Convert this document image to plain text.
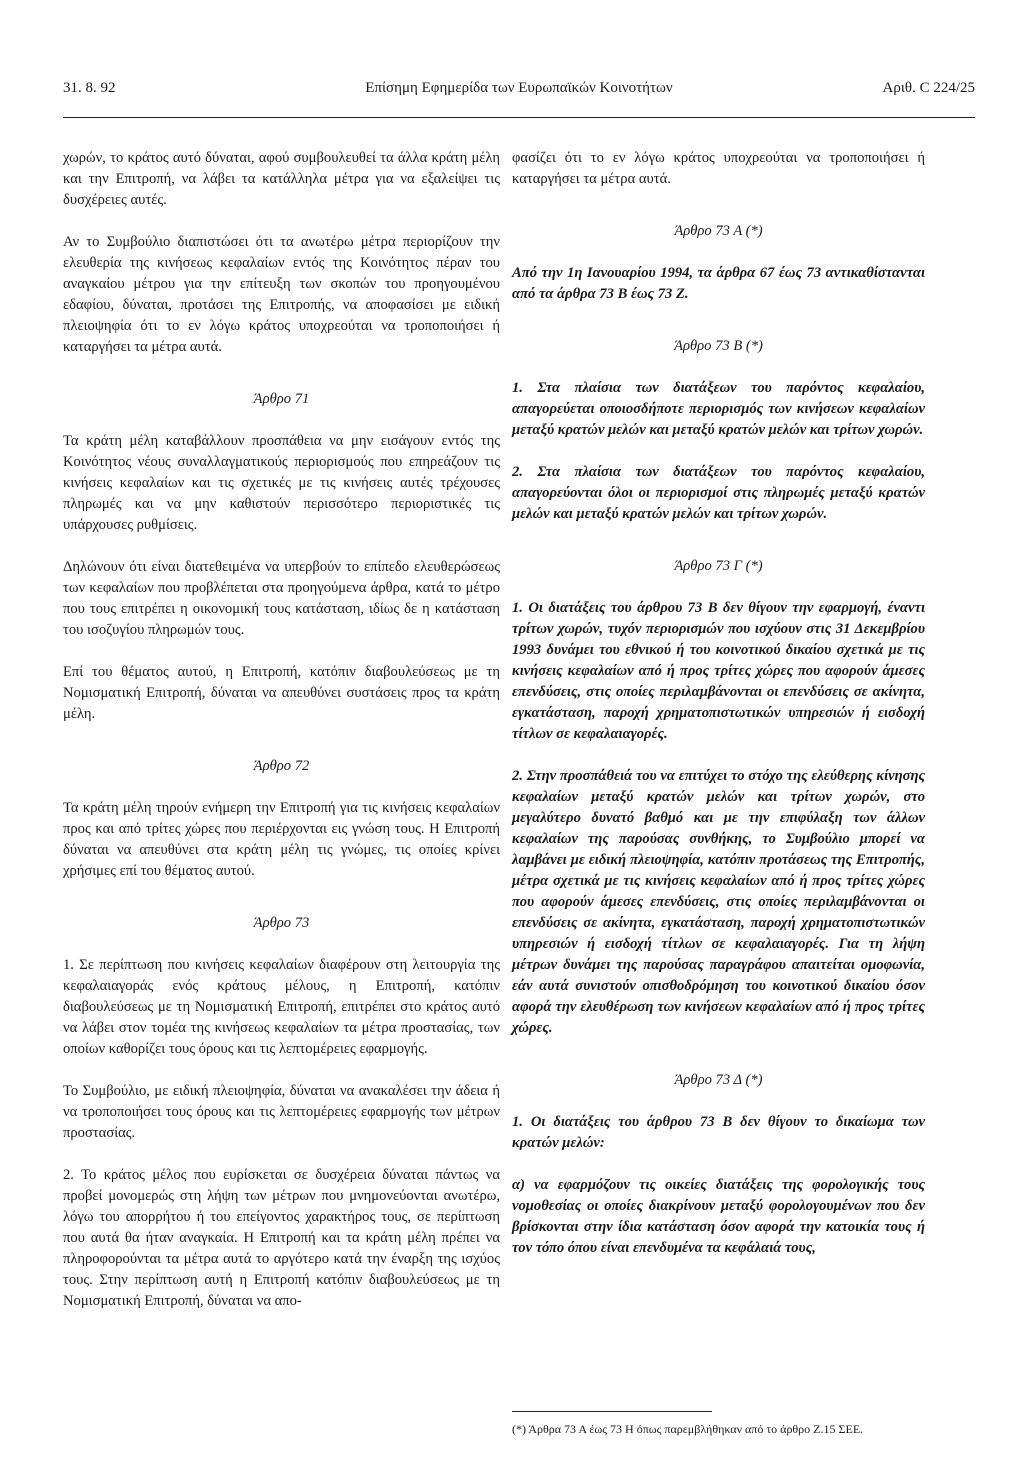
31. 8. 92	Επίσημη Εφημερίδα των Ευρωπαϊκών Κοινοτήτων	Αριθ. C 224/25

χωρών, το κράτος αυτό δύναται, αφού συμβουλευθεί τα άλλα κράτη μέλη και την Επιτροπή, να λάβει τα κατάλληλα μέτρα για να εξαλείψει τις δυσχέρειες αυτές.

Αν το Συμβούλιο διαπιστώσει ότι τα ανωτέρω μέτρα περιορίζουν την ελευθερία της κινήσεως κεφαλαίων εντός της Κοινότητος πέραν του αναγκαίου μέτρου για την επίτευξη των σκοπών του προηγουμένου εδαφίου, δύναται, προτάσει της Επιτροπής, να αποφασίσει με ειδική πλειοψηφία ότι το εν λόγω κράτος υποχρεούται να τροποποιήσει ή καταργήσει τα μέτρα αυτά.

Άρθρο 71

Τα κράτη μέλη καταβάλλουν προσπάθεια να μην εισάγουν εντός της Κοινότητος νέους συναλλαγματικούς περιορισμούς που επηρεάζουν τις κινήσεις κεφαλαίων και τις σχετικές με τις κινήσεις αυτές τρέχουσες πληρωμές και να μην καθιστούν περισσότερο περιοριστικές τις υπάρχουσες ρυθμίσεις.

Δηλώνουν ότι είναι διατεθειμένα να υπερβούν το επίπεδο ελευθερώσεως των κεφαλαίων που προβλέπεται στα προηγούμενα άρθρα, κατά το μέτρο που τους επιτρέπει η οικονομική τους κατάσταση, ιδίως δε η κατάσταση του ισοζυγίου πληρωμών τους.

Επί του θέματος αυτού, η Επιτροπή, κατόπιν διαβουλεύσεως με τη Νομισματική Επιτροπή, δύναται να απευθύνει συστάσεις προς τα κράτη μέλη.

Άρθρο 72

Τα κράτη μέλη τηρούν ενήμερη την Επιτροπή για τις κινήσεις κεφαλαίων προς και από τρίτες χώρες που περιέρχονται εις γνώση τους. Η Επιτροπή δύναται να απευθύνει στα κράτη μέλη τις γνώμες, τις οποίες κρίνει χρήσιμες επί του θέματος αυτού.

Άρθρο 73

1. Σε περίπτωση που κινήσεις κεφαλαίων διαφέρουν στη λειτουργία της κεφαλαιαγοράς ενός κράτους μέλους, η Επιτροπή, κατόπιν διαβουλεύσεως με τη Νομισματική Επιτροπή, επιτρέπει στο κράτος αυτό να λάβει στον τομέα της κινήσεως κεφαλαίων τα μέτρα προστασίας, των οποίων καθορίζει τους όρους και τις λεπτομέρειες εφαρμογής.

Το Συμβούλιο, με ειδική πλειοψηφία, δύναται να ανακαλέσει την άδεια ή να τροποποιήσει τους όρους και τις λεπτομέρειες εφαρμογής των μέτρων προστασίας.

2. Το κράτος μέλος που ευρίσκεται σε δυσχέρεια δύναται πάντως να προβεί μονομερώς στη λήψη των μέτρων που μνημονεύονται ανωτέρω, λόγω του απορρήτου ή του επείγοντος χαρακτήρος τους, σε περίπτωση που αυτά θα ήταν αναγκαία. Η Επιτροπή και τα κράτη μέλη πρέπει να πληροφορούνται τα μέτρα αυτά το αργότερο κατά την έναρξη της ισχύος τους. Στην περίπτωση αυτή η Επιτροπή κατόπιν διαβουλεύσεως με τη Νομισματική Επιτροπή, δύναται να απο-

φασίζει ότι το εν λόγω κράτος υποχρεούται να τροποποιήσει ή καταργήσει τα μέτρα αυτά.

Άρθρο 73 Α (*)

Από την 1η Ιανουαρίου 1994, τα άρθρα 67 έως 73 αντικαθίστανται από τα άρθρα 73 Β έως 73 Ζ.

Άρθρο 73 Β (*)

1. Στα πλαίσια των διατάξεων του παρόντος κεφαλαίου, απαγορεύεται οποιοσδήποτε περιορισμός των κινήσεων κεφαλαίων μεταξύ κρατών μελών και μεταξύ κρατών μελών και τρίτων χωρών.

2. Στα πλαίσια των διατάξεων του παρόντος κεφαλαίου, απαγορεύονται όλοι οι περιορισμοί στις πληρωμές μεταξύ κρατών μελών και μεταξύ κρατών μελών και τρίτων χωρών.

Άρθρο 73 Γ (*)

1. Οι διατάξεις του άρθρου 73 Β δεν θίγουν την εφαρμογή, έναντι τρίτων χωρών, τυχόν περιορισμών που ισχύουν στις 31 Δεκεμβρίου 1993 δυνάμει του εθνικού ή του κοινοτικού δικαίου σχετικά με τις κινήσεις κεφαλαίων από ή προς τρίτες χώρες που αφορούν άμεσες επενδύσεις, στις οποίες περιλαμβάνονται οι επενδύσεις σε ακίνητα, εγκατάσταση, παροχή χρηματοπιστωτικών υπηρεσιών ή εισδοχή τίτλων σε κεφαλαιαγορές.

2. Στην προσπάθειά του να επιτύχει το στόχο της ελεύθερης κίνησης κεφαλαίων μεταξύ κρατών μελών και τρίτων χωρών, στο μεγαλύτερο δυνατό βαθμό και με την επιφύλαξη των άλλων κεφαλαίων της παρούσας συνθήκης, το Συμβούλιο μπορεί να λαμβάνει με ειδική πλειοψηφία, κατόπιν προτάσεως της Επιτροπής, μέτρα σχετικά με τις κινήσεις κεφαλαίων από ή προς τρίτες χώρες που αφορούν άμεσες επενδύσεις, στις οποίες περιλαμβάνονται οι επενδύσεις σε ακίνητα, εγκατάσταση, παροχή χρηματοπιστωτικών υπηρεσιών ή εισδοχή τίτλων σε κεφαλαιαγορές. Για τη λήψη μέτρων δυνάμει της παρούσας παραγράφου απαιτείται ομοφωνία, εάν αυτά συνιστούν οπισθοδρόμηση του κοινοτικού δικαίου όσον αφορά την ελευθέρωση των κινήσεων κεφαλαίων από ή προς τρίτες χώρες.

Άρθρο 73 Δ (*)

1. Οι διατάξεις του άρθρου 73 Β δεν θίγουν το δικαίωμα των κρατών μελών:

α) να εφαρμόζουν τις οικείες διατάξεις της φορολογικής τους νομοθεσίας οι οποίες διακρίνουν μεταξύ φορολογουμένων που δεν βρίσκονται στην ίδια κατάσταση όσον αφορά την κατοικία τους ή τον τόπο όπου είναι επενδυμένα τα κεφάλαιά τους,

(*) Άρθρα 73 Α έως 73 Η όπως παρεμβλήθηκαν από το άρθρο Ζ.15 ΣΕΕ.
